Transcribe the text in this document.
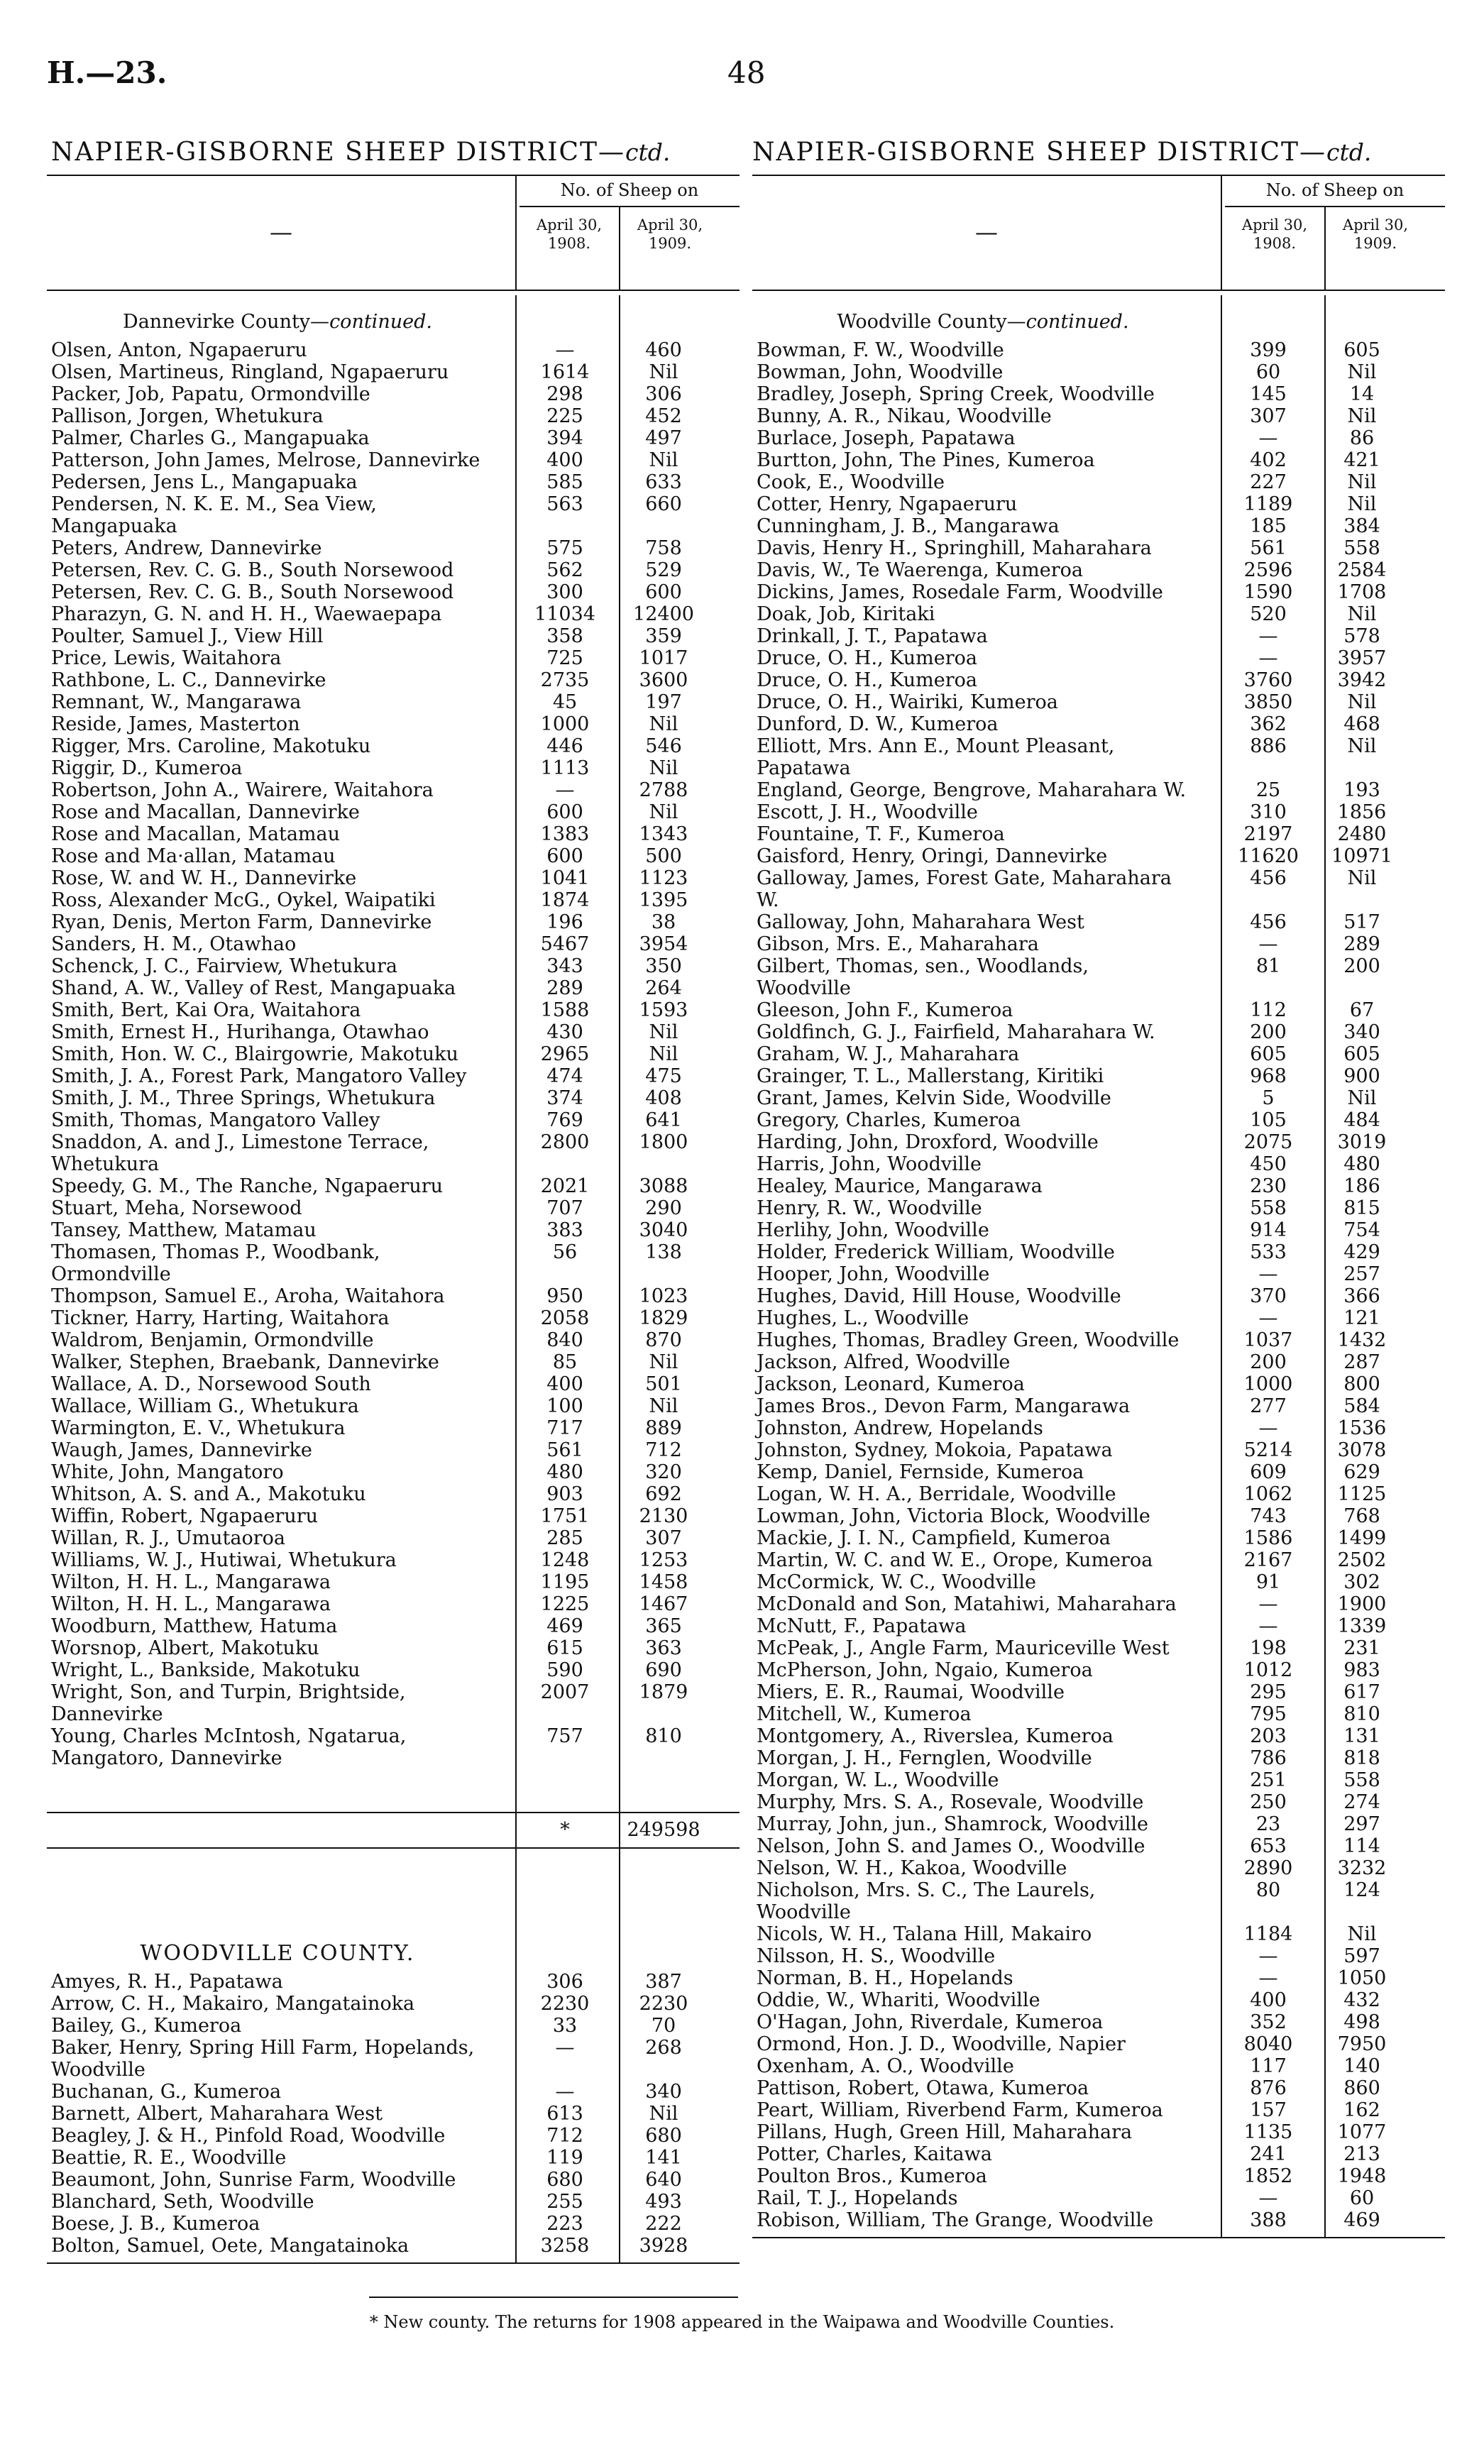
H.—23.	48
NAPIER-GISBORNE SHEEP DISTRICT—ctd.
—
No. of Sheep on
April 30,
1908.
April 30,
1909.
Dannevirke County—continued.
Olsen, Anton, Ngapaeruru	—	460
Olsen, Martineus, Ringland, Ngapaeruru	1614	Nil
Packer, Job, Papatu, Ormondville	298	306
Pallison, Jorgen, Whetukura	225	452
Palmer, Charles G., Mangapuaka	394	497
Patterson, John James, Melrose, Dannevirke	400	Nil
Pedersen, Jens L., Mangapuaka	585	633
Pendersen, N. K. E. M., Sea View, Mangapuaka
563	660
Peters, Andrew, Dannevirke	575	758
Petersen, Rev. C. G. B., South Norsewood	562	529
Petersen, Rev. C. G. B., South Norsewood	300	600
Pharazyn, G. N. and H. H., Waewaepapa	11034	12400
Poulter, Samuel J., View Hill	358	359
Price, Lewis, Waitahora	725	1017
Rathbone, L. C., Dannevirke	2735	3600
Remnant, W., Mangarawa	45	197
Reside, James, Masterton	1000	Nil
Rigger, Mrs. Caroline, Makotuku	446	546
Riggir, D., Kumeroa	1113	Nil
Robertson, John A., Wairere, Waitahora	—	2788
Rose and Macallan, Dannevirke	600	Nil
Rose and Macallan, Matamau	1383	1343
Rose and Ma·allan, Matamau	600	500
Rose, W. and W. H., Dannevirke	1041	1123
Ross, Alexander McG., Oykel, Waipatiki	1874	1395
Ryan, Denis, Merton Farm, Dannevirke	196	38
Sanders, H. M., Otawhao	5467	3954
Schenck, J. C., Fairview, Whetukura	343	350
Shand, A. W., Valley of Rest, Mangapuaka	289	264
Smith, Bert, Kai Ora, Waitahora	1588	1593
Smith, Ernest H., Hurihanga, Otawhao	430	Nil
Smith, Hon. W. C., Blairgowrie, Makotuku	2965	Nil
Smith, J. A., Forest Park, Mangatoro Valley	474	475
Smith, J. M., Three Springs, Whetukura	374	408
Smith, Thomas, Mangatoro Valley	769	641
Snaddon, A. and J., Limestone Terrace, Whetukura
2800	1800
Speedy, G. M., The Ranche, Ngapaeruru	2021	3088
Stuart, Meha, Norsewood	707	290
Tansey, Matthew, Matamau	383	3040
Thomasen, Thomas P., Woodbank, Ormondville
56	138
Thompson, Samuel E., Aroha, Waitahora	950	1023
Tickner, Harry, Harting, Waitahora	2058	1829
Waldrom, Benjamin, Ormondville	840	870
Walker, Stephen, Braebank, Dannevirke	85	Nil
Wallace, A. D., Norsewood South	400	501
Wallace, William G., Whetukura	100	Nil
Warmington, E. V., Whetukura	717	889
Waugh, James, Dannevirke	561	712
White, John, Mangatoro	480	320
Whitson, A. S. and A., Makotuku	903	692
Wiffin, Robert, Ngapaeruru	1751	2130
Willan, R. J., Umutaoroa	285	307
Williams, W. J., Hutiwai, Whetukura	1248	1253
Wilton, H. H. L., Mangarawa	1195	1458
Wilton, H. H. L., Mangarawa	1225	1467
Woodburn, Matthew, Hatuma	469	365
Worsnop, Albert, Makotuku	615	363
Wright, L., Bankside, Makotuku	590	690
Wright, Son, and Turpin, Brightside, Dannevirke
2007	1879
Young, Charles McIntosh, Ngatarua, Mangatoro, Dannevirke
757	810
*	249598
WOODVILLE COUNTY.
Amyes, R. H., Papatawa	306	387
Arrow, C. H., Makairo, Mangatainoka	2230	2230
Bailey, G., Kumeroa	33	70
Baker, Henry, Spring Hill Farm, Hopelands, Woodville
—	268
Buchanan, G., Kumeroa	—	340
Barnett, Albert, Maharahara West	613	Nil
Beagley, J. & H., Pinfold Road, Woodville	712	680
Beattie, R. E., Woodville	119	141
Beaumont, John, Sunrise Farm, Woodville	680	640
Blanchard, Seth, Woodville	255	493
Boese, J. B., Kumeroa	223	222
Bolton, Samuel, Oete, Mangatainoka	3258	3928
NAPIER-GISBORNE SHEEP DISTRICT—ctd.
—
No. of Sheep on
April 30,
1908.
April 30,
1909.
Woodville County—continued.
Bowman, F. W., Woodville	399	605
Bowman, John, Woodville	60	Nil
Bradley, Joseph, Spring Creek, Woodville	145	14
Bunny, A. R., Nikau, Woodville	307	Nil
Burlace, Joseph, Papatawa	—	86
Burtton, John, The Pines, Kumeroa	402	421
Cook, E., Woodville	227	Nil
Cotter, Henry, Ngapaeruru	1189	Nil
Cunningham, J. B., Mangarawa	185	384
Davis, Henry H., Springhill, Maharahara	561	558
Davis, W., Te Waerenga, Kumeroa	2596	2584
Dickins, James, Rosedale Farm, Woodville	1590	1708
Doak, Job, Kiritaki	520	Nil
Drinkall, J. T., Papatawa	—	578
Druce, O. H., Kumeroa	—	3957
Druce, O. H., Kumeroa	3760	3942
Druce, O. H., Wairiki, Kumeroa	3850	Nil
Dunford, D. W., Kumeroa	362	468
Elliott, Mrs. Ann E., Mount Pleasant, Papatawa
886	Nil
England, George, Bengrove, Maharahara W.	25	193
Escott, J. H., Woodville	310	1856
Fountaine, T. F., Kumeroa	2197	2480
Gaisford, Henry, Oringi, Dannevirke	11620	10971
Galloway, James, Forest Gate, Maharahara W.
456	Nil
Galloway, John, Maharahara West	456	517
Gibson, Mrs. E., Maharahara	—	289
Gilbert, Thomas, sen., Woodlands, Woodville
81	200
Gleeson, John F., Kumeroa	112	67
Goldfinch, G. J., Fairfield, Maharahara W.	200	340
Graham, W. J., Maharahara	605	605
Grainger, T. L., Mallerstang, Kiritiki	968	900
Grant, James, Kelvin Side, Woodville	5	Nil
Gregory, Charles, Kumeroa	105	484
Harding, John, Droxford, Woodville	2075	3019
Harris, John, Woodville	450	480
Healey, Maurice, Mangarawa	230	186
Henry, R. W., Woodville	558	815
Herlihy, John, Woodville	914	754
Holder, Frederick William, Woodville	533	429
Hooper, John, Woodville	—	257
Hughes, David, Hill House, Woodville	370	366
Hughes, L., Woodville	—	121
Hughes, Thomas, Bradley Green, Woodville	1037	1432
Jackson, Alfred, Woodville	200	287
Jackson, Leonard, Kumeroa	1000	800
James Bros., Devon Farm, Mangarawa	277	584
Johnston, Andrew, Hopelands	—	1536
Johnston, Sydney, Mokoia, Papatawa	5214	3078
Kemp, Daniel, Fernside, Kumeroa	609	629
Logan, W. H. A., Berridale, Woodville	1062	1125
Lowman, John, Victoria Block, Woodville	743	768
Mackie, J. I. N., Campfield, Kumeroa	1586	1499
Martin, W. C. and W. E., Orope, Kumeroa	2167	2502
McCormick, W. C., Woodville	91	302
McDonald and Son, Matahiwi, Maharahara	—	1900
McNutt, F., Papatawa	—	1339
McPeak, J., Angle Farm, Mauriceville West	198	231
McPherson, John, Ngaio, Kumeroa	1012	983
Miers, E. R., Raumai, Woodville	295	617
Mitchell, W., Kumeroa	795	810
Montgomery, A., Riverslea, Kumeroa	203	131
Morgan, J. H., Fernglen, Woodville	786	818
Morgan, W. L., Woodville	251	558
Murphy, Mrs. S. A., Rosevale, Woodville	250	274
Murray, John, jun., Shamrock, Woodville	23	297
Nelson, John S. and James O., Woodville	653	114
Nelson, W. H., Kakoa, Woodville	2890	3232
Nicholson, Mrs. S. C., The Laurels, Woodville
80	124
Nicols, W. H., Talana Hill, Makairo	1184	Nil
Nilsson, H. S., Woodville	—	597
Norman, B. H., Hopelands	—	1050
Oddie, W., Whariti, Woodville	400	432
O'Hagan, John, Riverdale, Kumeroa	352	498
Ormond, Hon. J. D., Woodville, Napier	8040	7950
Oxenham, A. O., Woodville	117	140
Pattison, Robert, Otawa, Kumeroa	876	860
Peart, William, Riverbend Farm, Kumeroa	157	162
Pillans, Hugh, Green Hill, Maharahara	1135	1077
Potter, Charles, Kaitawa	241	213
Poulton Bros., Kumeroa	1852	1948
Rail, T. J., Hopelands	—	60
Robison, William, The Grange, Woodville	388	469
* New county. The returns for 1908 appeared in the Waipawa and Woodville Counties.
